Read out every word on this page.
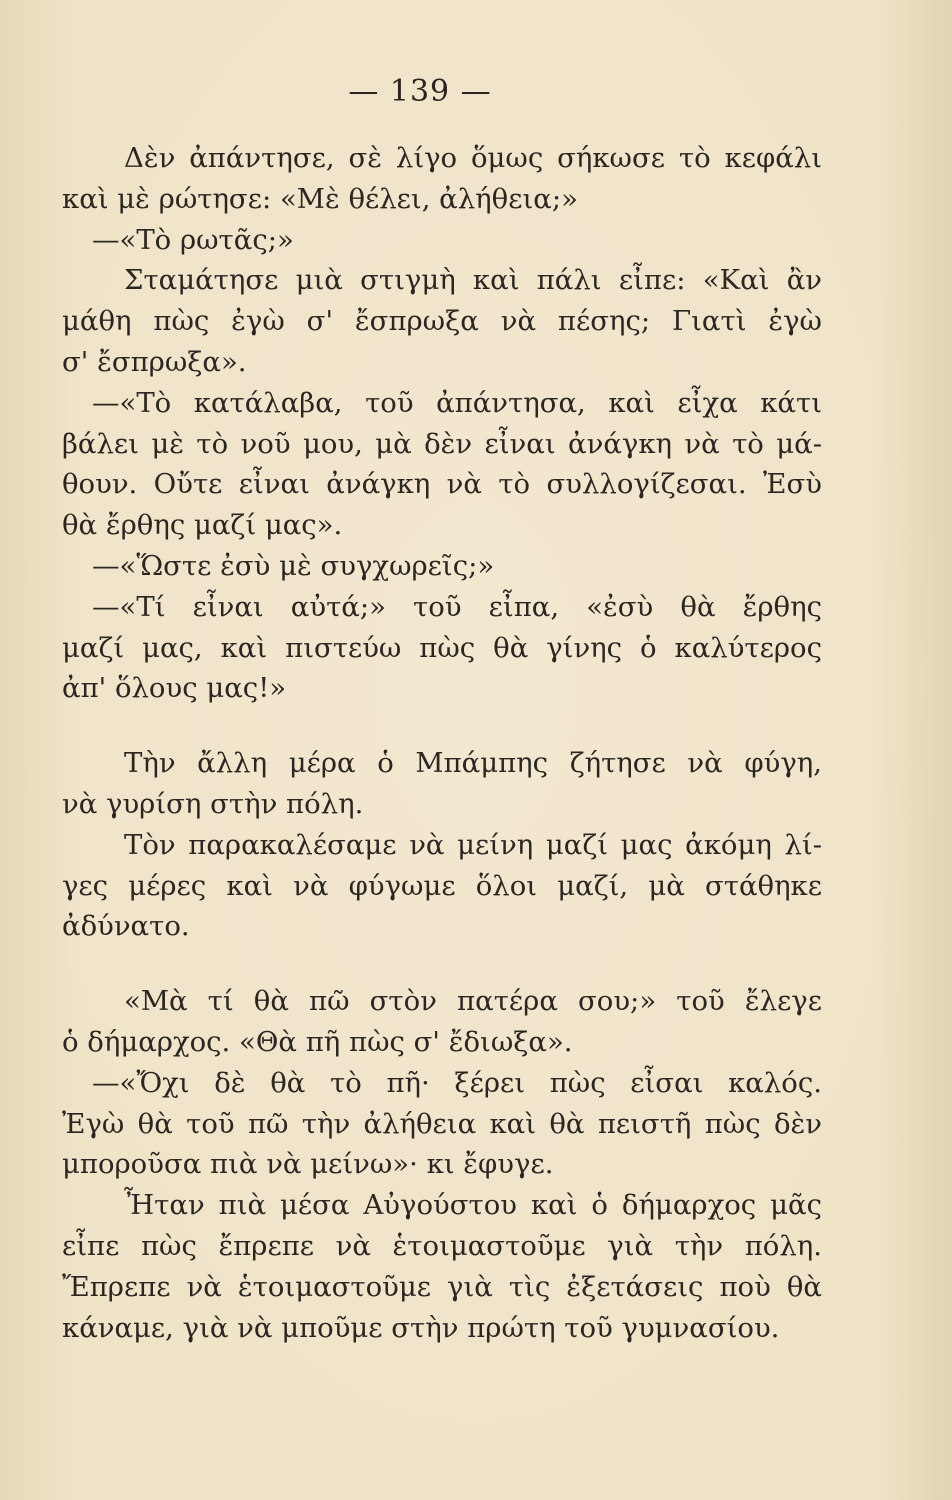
— 139 —
Δὲν ἀπάντησε, σὲ λίγο ὅμως σήκωσε τὸ κεφάλι
καὶ μὲ ρώτησε: «Μὲ θέλει, ἀλήθεια;»
—«Τὸ ρωτᾶς;»
Σταμάτησε μιὰ στιγμὴ καὶ πάλι εἶπε: «Καὶ ἂν
μάθη πὼς ἐγὼ σ' ἔσπρωξα νὰ πέσης; Γιατὶ ἐγὼ
σ' ἔσπρωξα».
—«Τὸ κατάλαβα, τοῦ ἀπάντησα, καὶ εἶχα κάτι
βάλει μὲ τὸ νοῦ μου, μὰ δὲν εἶναι ἀνάγκη νὰ τὸ μά-
θουν. Οὔτε εἶναι ἀνάγκη νὰ τὸ συλλογίζεσαι. Ἐσὺ
θὰ ἔρθης μαζί μας».
—«Ὥστε ἐσὺ μὲ συγχωρεῖς;»
—«Τί εἶναι αὐτά;» τοῦ εἶπα, «ἐσὺ θὰ ἔρθης
μαζί μας, καὶ πιστεύω πὼς θὰ γίνης ὁ καλύτερος
ἀπ' ὅλους μας!»
Τὴν ἄλλη μέρα ὁ Μπάμπης ζήτησε νὰ φύγη,
νὰ γυρίση στὴν πόλη.
Τὸν παρακαλέσαμε νὰ μείνη μαζί μας ἀκόμη λί-
γες μέρες καὶ νὰ φύγωμε ὅλοι μαζί, μὰ στάθηκε
ἀδύνατο.
«Μὰ τί θὰ πῶ στὸν πατέρα σου;» τοῦ ἔλεγε
ὁ δήμαρχος. «Θὰ πῆ πὼς σ' ἔδιωξα».
—«Ὄχι δὲ θὰ τὸ πῆ· ξέρει πὼς εἶσαι καλός.
Ἐγὼ θὰ τοῦ πῶ τὴν ἀλήθεια καὶ θὰ πειστῆ πὼς δὲν
μποροῦσα πιὰ νὰ μείνω»· κι ἔφυγε.
Ἦταν πιὰ μέσα Αὐγούστου καὶ ὁ δήμαρχος μᾶς
εἶπε πὼς ἔπρεπε νὰ ἑτοιμαστοῦμε γιὰ τὴν πόλη.
Ἔπρεπε νὰ ἑτοιμαστοῦμε γιὰ τὶς ἐξετάσεις ποὺ θὰ
κάναμε, γιὰ νὰ μποῦμε στὴν πρώτη τοῦ γυμνασίου.
